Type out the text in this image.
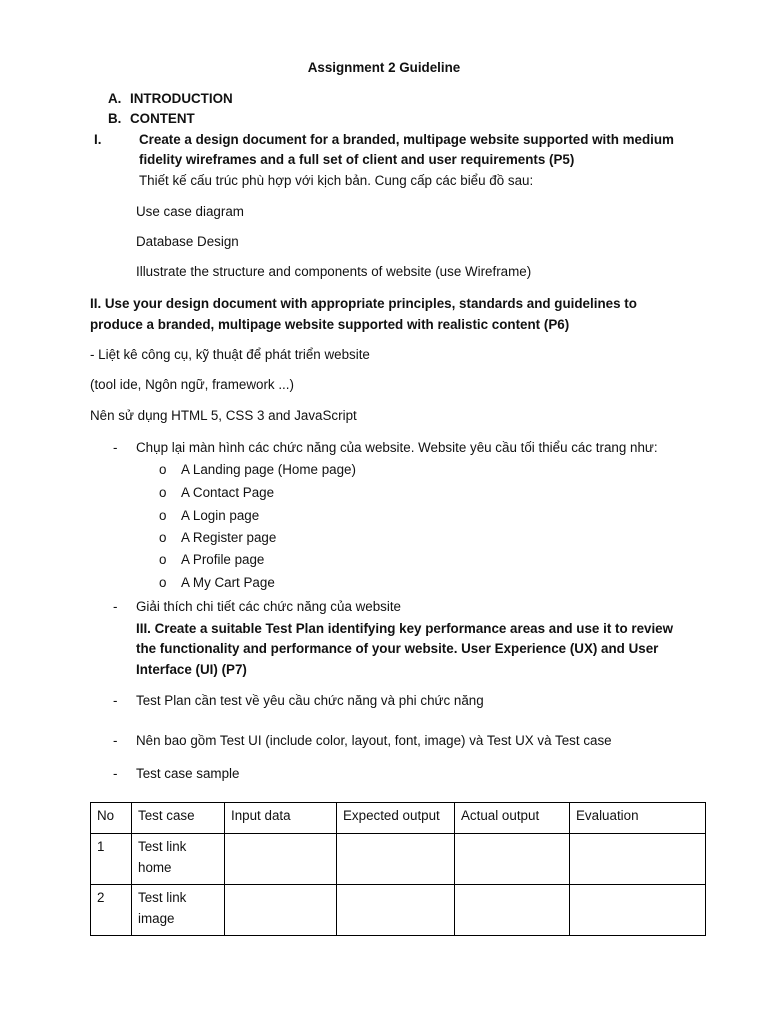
Assignment 2 Guideline
A. INTRODUCTION
B. CONTENT
I.	Create a design document for a branded, multipage website supported with medium
fidelity wireframes and a full set of client and user requirements (P5)
Thiết kế cấu trúc phù hợp với kịch bản. Cung cấp các biểu đồ sau:
Use case diagram
Database Design
Illustrate the structure and components of website (use Wireframe)
II. Use your design document with appropriate principles, standards and guidelines to
produce a branded, multipage website supported with realistic content (P6)
- Liệt kê công cụ, kỹ thuật để phát triển website
(tool ide, Ngôn ngữ, framework ...)
Nên sử dụng HTML 5, CSS 3 and JavaScript
- Chụp lại màn hình các chức năng của website. Website yêu cầu tối thiểu các trang như:
o A Landing page (Home page)
o A Contact Page
o A Login page
o A Register page
o A Profile page
o A My Cart Page
- Giải thích chi tiết các chức năng của website
III. Create a suitable Test Plan identifying key performance areas and use it to review
the functionality and performance of your website. User Experience (UX) and User
Interface (UI) (P7)
- Test Plan cần test về yêu cầu chức năng và phi chức năng
- Nên bao gồm Test UI (include color, layout, font, image) và Test UX và Test case
- Test case sample
No	Test case	Input data	Expected output	Actual output	Evaluation
1	Test link home				
2	Test link image				
